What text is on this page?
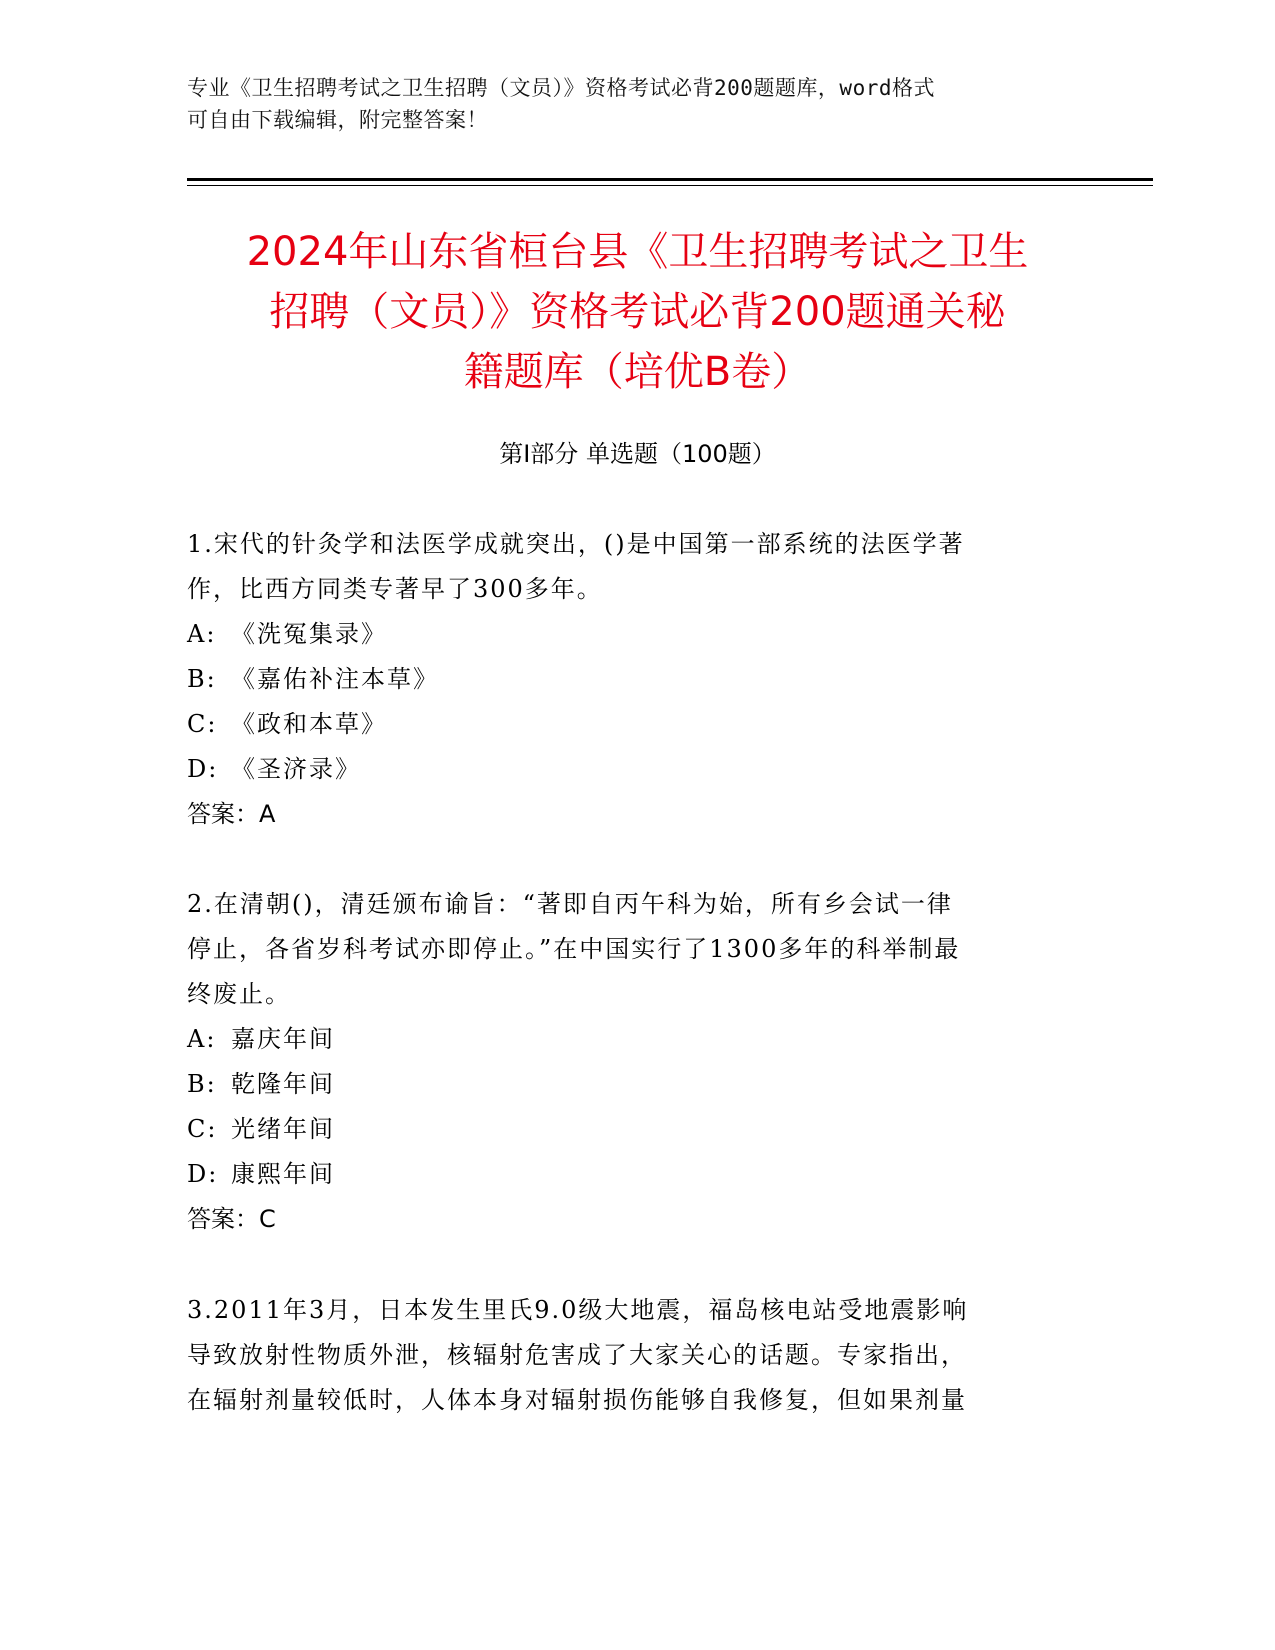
专业《卫生招聘考试之卫生招聘（文员）》资格考试必背200题题库，word格式
可自由下载编辑，附完整答案！
2024年山东省桓台县《卫生招聘考试之卫生
招聘（文员）》资格考试必背200题通关秘
籍题库（培优B卷）
第Ⅰ部分 单选题（100题）
1.宋代的针灸学和法医学成就突出，()是中国第一部系统的法医学著
作，比西方同类专著早了300多年。
A: 《洗冤集录》
B: 《嘉佑补注本草》
C: 《政和本草》
D: 《圣济录》
答案：A
2.在清朝()，清廷颁布谕旨：“著即自丙午科为始，所有乡会试一律
停止，各省岁科考试亦即停止。”在中国实行了1300多年的科举制最
终废止。
A: 嘉庆年间
B: 乾隆年间
C: 光绪年间
D: 康熙年间
答案：C
3.2011年3月，日本发生里氏9.0级大地震，福岛核电站受地震影响
导致放射性物质外泄，核辐射危害成了大家关心的话题。专家指出，
在辐射剂量较低时，人体本身对辐射损伤能够自我修复，但如果剂量
